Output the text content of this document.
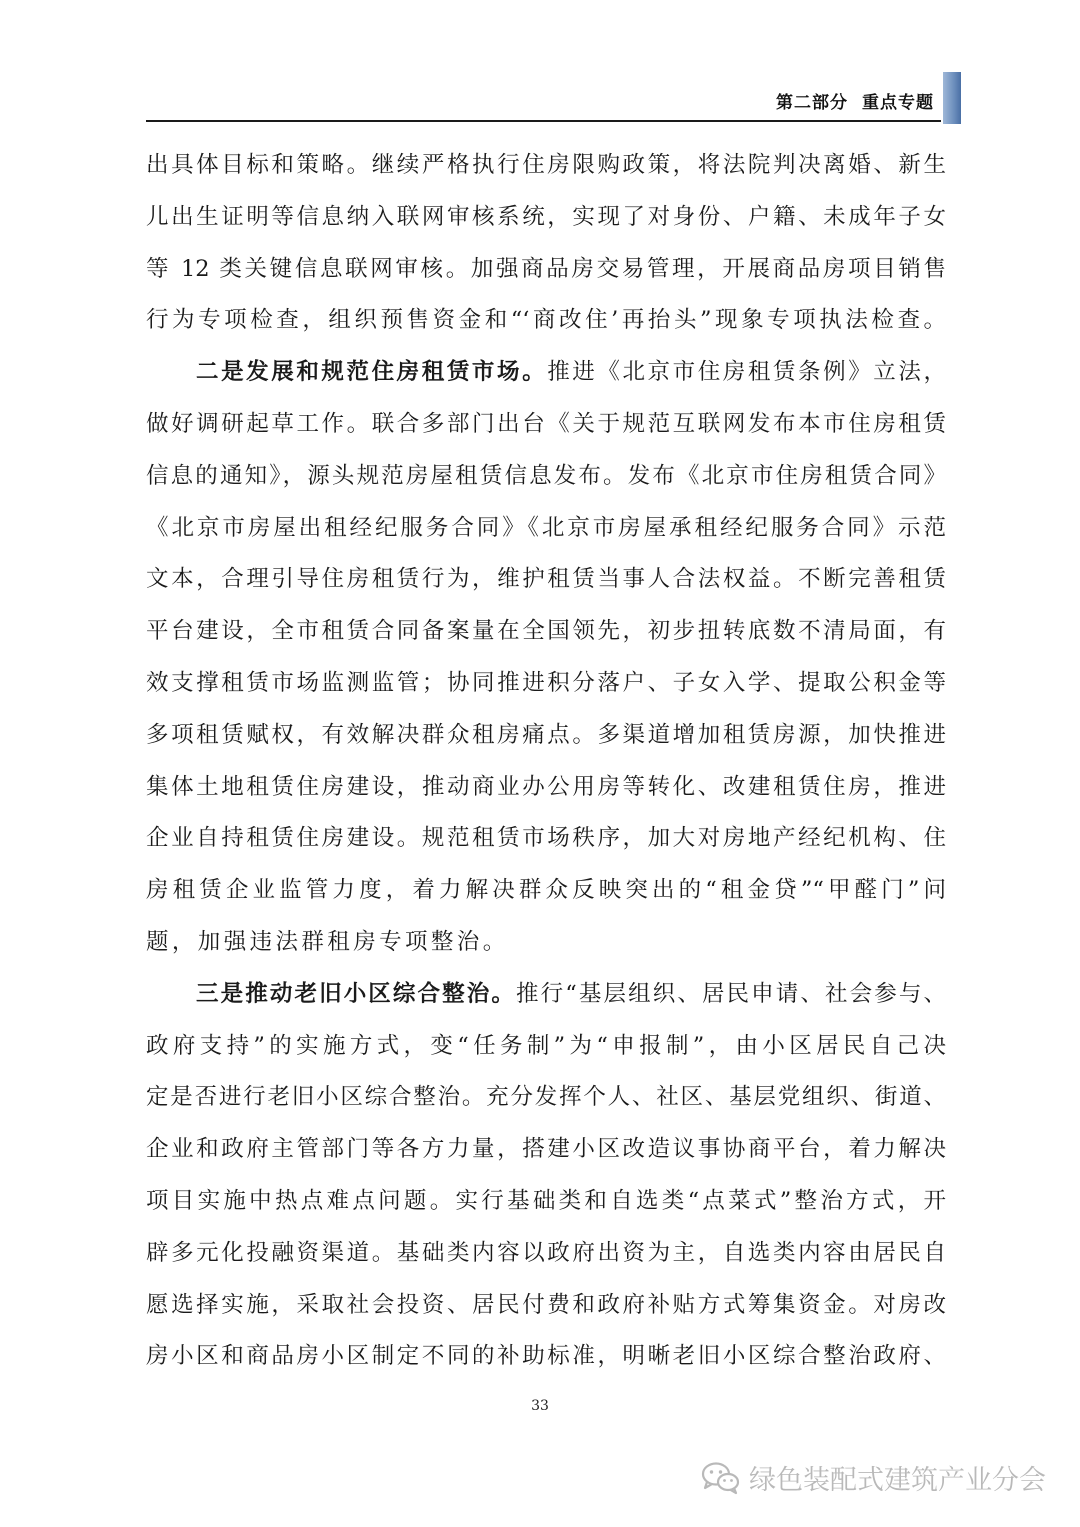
第二部分 重点专题
出具体目标和策略。继续严格执行住房限购政策，将法院判决离婚、新生
儿出生证明等信息纳入联网审核系统，实现了对身份、户籍、未成年子女
等 12 类关键信息联网审核。加强商品房交易管理，开展商品房项目销售
行为专项检查，组织预售资金和“‘商改住’再抬头”现象专项执法检查。
二是发展和规范住房租赁市场。推进《北京市住房租赁条例》立法，
做好调研起草工作。联合多部门出台《关于规范互联网发布本市住房租赁
信息的通知》，源头规范房屋租赁信息发布。发布《北京市住房租赁合同》
《北京市房屋出租经纪服务合同》《北京市房屋承租经纪服务合同》示范
文本，合理引导住房租赁行为，维护租赁当事人合法权益。不断完善租赁
平台建设，全市租赁合同备案量在全国领先，初步扭转底数不清局面，有
效支撑租赁市场监测监管；协同推进积分落户、子女入学、提取公积金等
多项租赁赋权，有效解决群众租房痛点。多渠道增加租赁房源，加快推进
集体土地租赁住房建设，推动商业办公用房等转化、改建租赁住房，推进
企业自持租赁住房建设。规范租赁市场秩序，加大对房地产经纪机构、住
房租赁企业监管力度，着力解决群众反映突出的“租金贷”“甲醛门”问
题，加强违法群租房专项整治。
三是推动老旧小区综合整治。推行“基层组织、居民申请、社会参与、
政府支持”的实施方式，变“任务制”为“申报制”，由小区居民自己决
定是否进行老旧小区综合整治。充分发挥个人、社区、基层党组织、街道、
企业和政府主管部门等各方力量，搭建小区改造议事协商平台，着力解决
项目实施中热点难点问题。实行基础类和自选类“点菜式”整治方式，开
辟多元化投融资渠道。基础类内容以政府出资为主，自选类内容由居民自
愿选择实施，采取社会投资、居民付费和政府补贴方式筹集资金。对房改
房小区和商品房小区制定不同的补助标准，明晰老旧小区综合整治政府、
33
绿色装配式建筑产业分会
